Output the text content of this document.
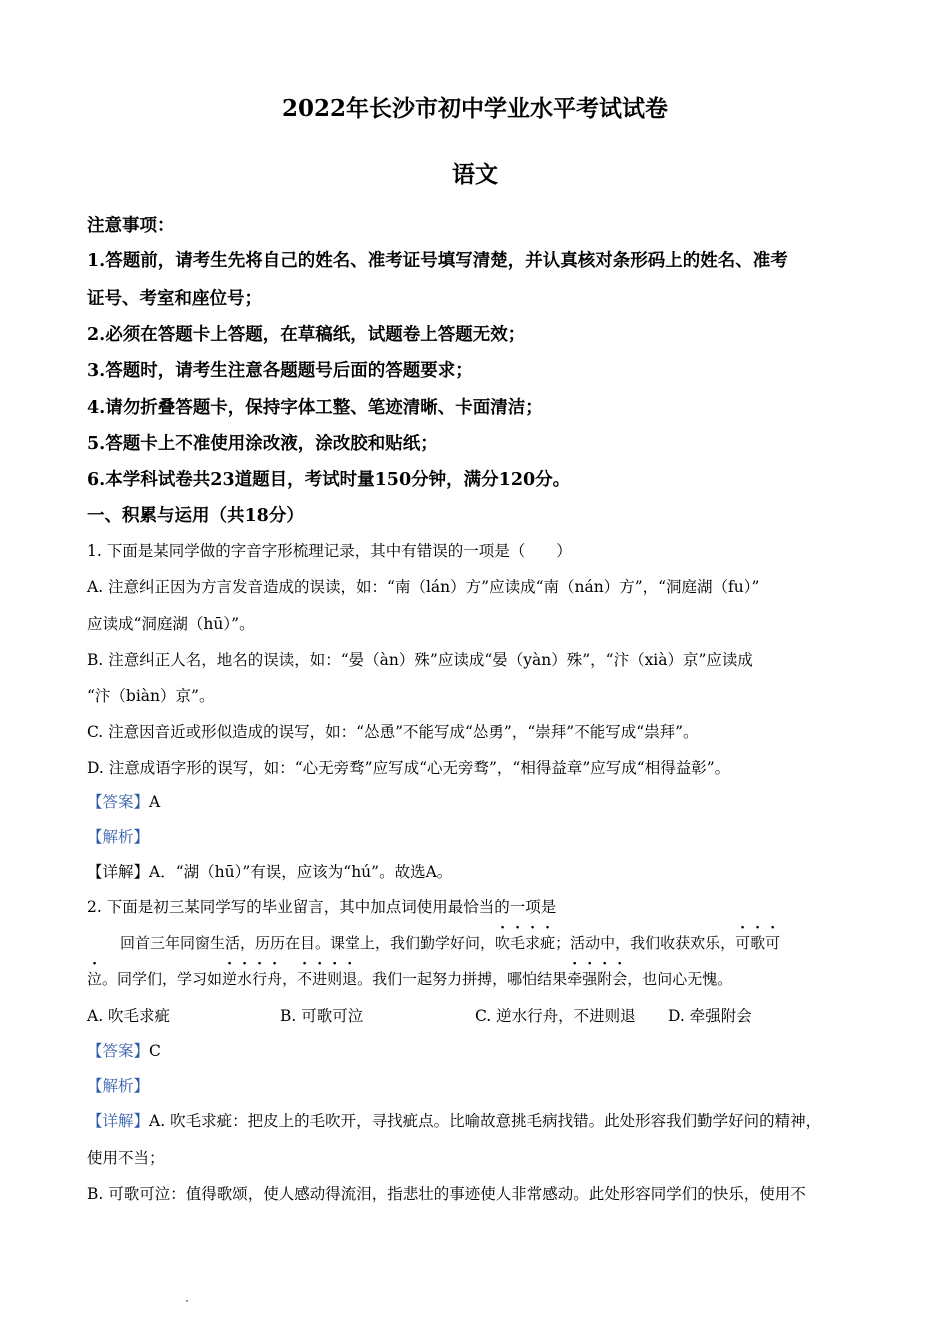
2022年长沙市初中学业水平考试试卷
语文
注意事项：
1.答题前，请考生先将自己的姓名、准考证号填写清楚，并认真核对条形码上的姓名、准考
证号、考室和座位号；
2.必须在答题卡上答题，在草稿纸，试题卷上答题无效；
3.答题时，请考生注意各题题号后面的答题要求；
4.请勿折叠答题卡，保持字体工整、笔迹清晰、卡面清洁；
5.答题卡上不准使用涂改液，涂改胶和贴纸；
6.本学科试卷共23道题目，考试时量150分钟，满分120分。
一、积累与运用（共18分）
1. 下面是某同学做的字音字形梳理记录，其中有错误的一项是（　　）
A. 注意纠正因为方言发音造成的误读，如：“南（lán）方”应读成“南（nán）方”，“洞庭湖（fu）”
应读成“洞庭湖（hū）”。
B. 注意纠正人名，地名的误读，如：“晏（àn）殊”应读成“晏（yàn）殊”，“汴（xià）京”应读成
“汴（biàn）京”。
C. 注意因音近或形似造成的误写，如：“怂恿”不能写成“怂勇”，“崇拜”不能写成“祟拜”。
D. 注意成语字形的误写，如：“心无旁骛”应写成“心无旁骛”，“相得益章”应写成“相得益彰”。
【答案】A
【解析】
【详解】A．“湖（hū）”有误，应该为“hú”。故选A。
2. 下面是初三某同学写的毕业留言，其中加点词使用最恰当的一项是
回首三年同窗生活，历历在目。课堂上，我们勤学好问，吹毛求疵；活动中，我们收获欢乐，可歌可
泣。同学们，学习如逆水行舟，不进则退。我们一起努力拼搏，哪怕结果牵强附会，也问心无愧。
A. 吹毛求疵	B. 可歌可泣	C. 逆水行舟，不进则退 D. 牵强附会
【答案】C
【解析】
【详解】A. 吹毛求疵：把皮上的毛吹开，寻找疵点。比喻故意挑毛病找错。此处形容我们勤学好问的精神，
使用不当；
B. 可歌可泣：值得歌颂，使人感动得流泪，指悲壮的事迹使人非常感动。此处形容同学们的快乐，使用不
